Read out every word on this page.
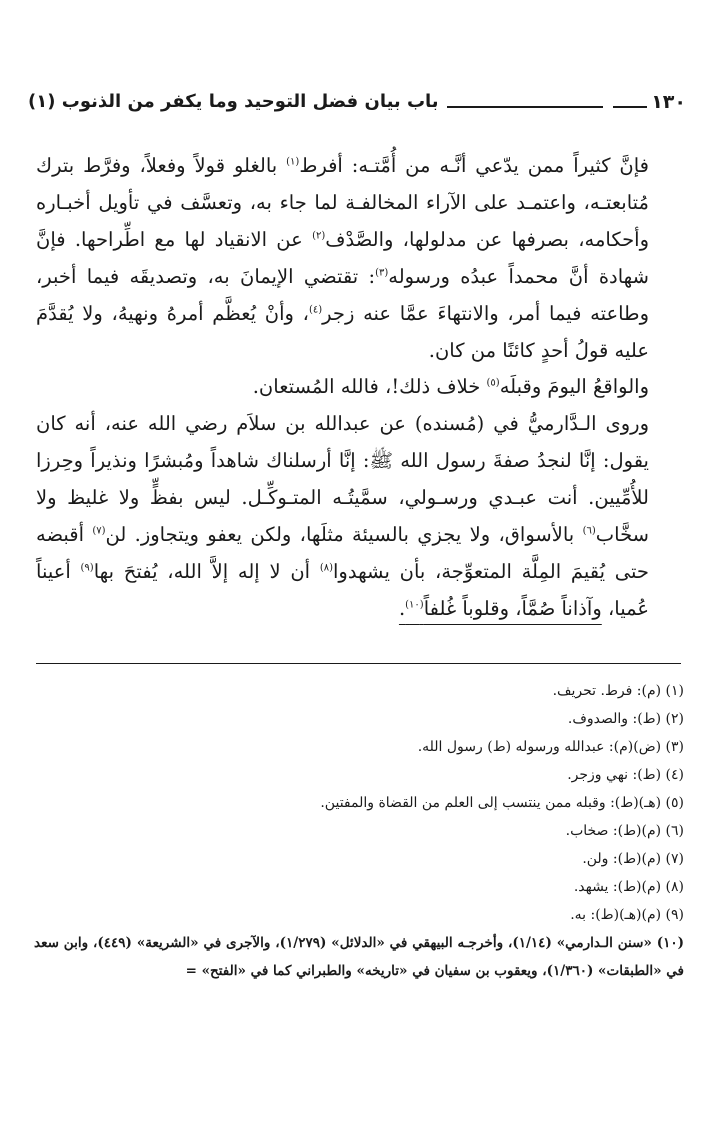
١٣٠
باب بيان فضل التوحيد وما يكفر من الذنوب (١)

فإنَّ كثيراً ممن يدّعي أنَّـه من أُمَّتـه: أفرط$^{(١)}$ بالغلو قولاً وفعلاً، وفرَّط بترك مُتابعتـه، واعتمـد على الآراء المخالفـة لما جاء به، وتعسَّف في تأويل أخبـاره وأحكامه، بصرفها عن مدلولها، والصَّدْف$^{(٢)}$ عن الانقياد لها مع اطِّراحها. فإنَّ شهادة أنَّ محمداً عبدُه ورسوله$^{(٣)}$: تقتضي الإيمانَ به، وتصديقَه فيما أخبر، وطاعته فيما أمر، والانتهاءَ عمَّا عنه زجر$^{(٤)}$، وأنْ يُعظَّم أمرهُ ونهيهُ، ولا يُقدَّمَ عليه قولُ أحدٍ كائنًا من كان.

والواقعُ اليومَ وقبلَه$^{(٥)}$ خلاف ذلك!، فالله المُستعان.

وروى الـدَّارميُّ في (مُسنده) عن عبدالله بن سلاَم رضي الله عنه، أنه كان يقول: إنَّا لنجدُ صفةَ رسول الله ﷺ: إنَّا أرسلناك شاهداً ومُبشرًا ونذيراً وحِرزا للأُمِّيين. أنت عبـدي ورسـولي، سمَّيتُـه المتـوكِّـل. ليس بفظٍّ ولا غليظ ولا سخَّاب$^{(٦)}$ بالأسواق، ولا يجزي بالسيئة مثلَها، ولكن يعفو ويتجاوز. لن$^{(٧)}$ أقبضه حتى يُقيمَ المِلَّة المتعوِّجة، بأن يشهدوا$^{(٨)}$ أن لا إله إلاَّ الله، يُفتحَ بها$^{(٩)}$ أعيناً عُميا، وآذاناً صُمَّاً، وقلوباً غُلفاً$^{(١٠)}$.

(١) (م): فرط. تحريف.
(٢) (ط): والصدوف.
(٣) (ض)(م): عبدالله ورسوله (ط) رسول الله.
(٤) (ط): نهي وزجر.
(٥) (هـ)(ط): وقبله ممن ينتسب إلى العلم من القضاة والمفتين.
(٦) (م)(ط): صخاب.
(٧) (م)(ط): ولن.
(٨) (م)(ط): يشهد.
(٩) (م)(هـ)(ط): به.
(١٠) «سنن الـدارمي» (١/١٤)، وأخرجـه البيهقي في «الدلائل» (١/٢٧٩)، والآجرى في «الشريعة» (٤٤٩)، وابن سعد في «الطبقات» (١/٣٦٠)، ويعقوب بن سفيان في «تاريخه» والطبراني كما في «الفتح» =
